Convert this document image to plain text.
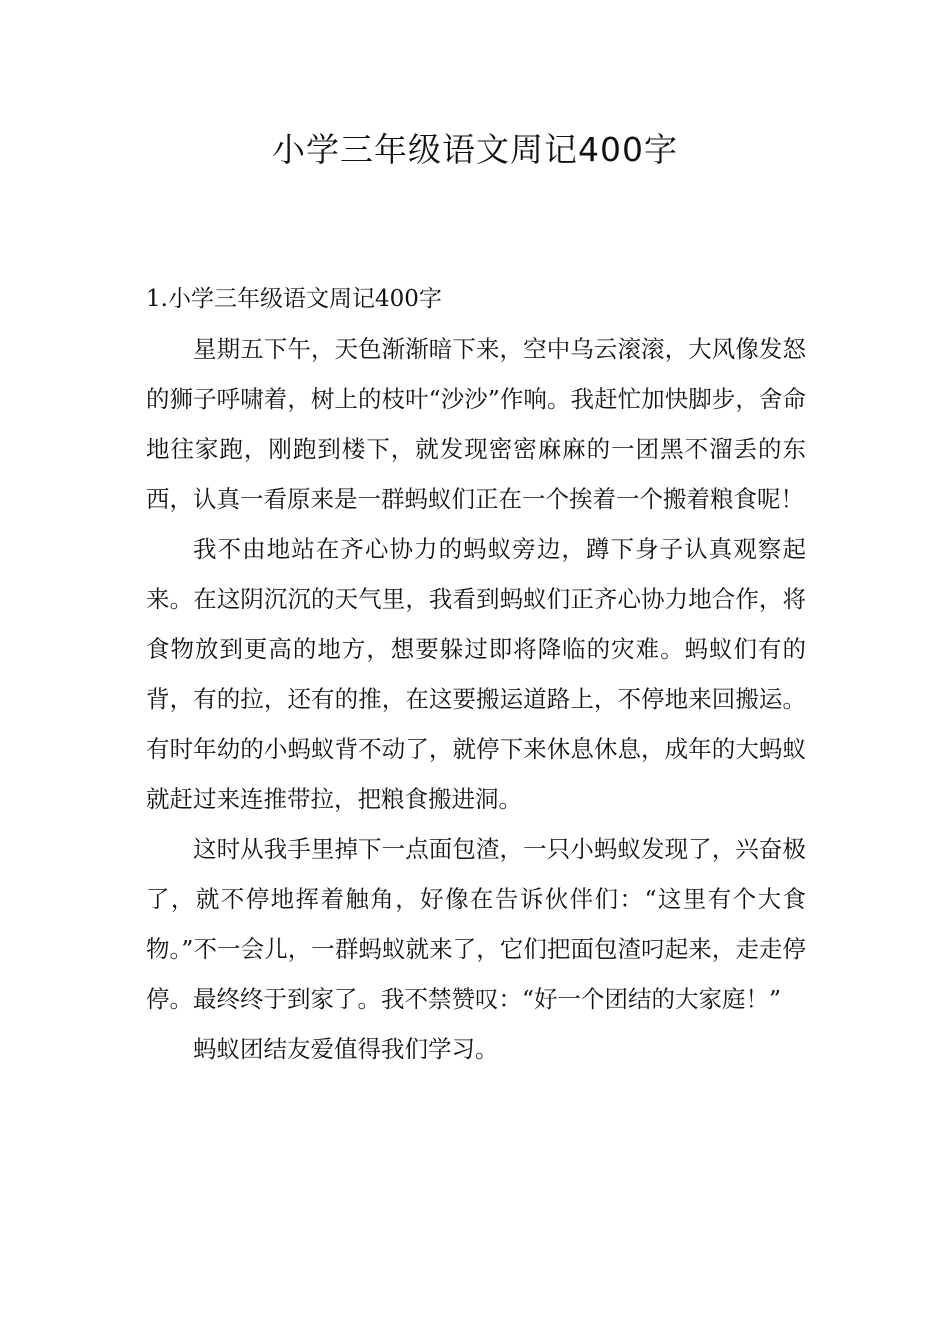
小学三年级语文周记400字

1.小学三年级语文周记400字

星期五下午，天色渐渐暗下来，空中乌云滚滚，大风像发怒的狮子呼啸着，树上的枝叶“沙沙”作响。我赶忙加快脚步，舍命地往家跑，刚跑到楼下，就发现密密麻麻的一团黑不溜丢的东西，认真一看原来是一群蚂蚁们正在一个挨着一个搬着粮食呢！

我不由地站在齐心协力的蚂蚁旁边，蹲下身子认真观察起来。在这阴沉沉的天气里，我看到蚂蚁们正齐心协力地合作，将食物放到更高的地方，想要躲过即将降临的灾难。蚂蚁们有的背，有的拉，还有的推，在这要搬运道路上，不停地来回搬运。有时年幼的小蚂蚁背不动了，就停下来休息休息，成年的大蚂蚁就赶过来连推带拉，把粮食搬进洞。

这时从我手里掉下一点面包渣，一只小蚂蚁发现了，兴奋极了，就不停地挥着触角，好像在告诉伙伴们：“这里有个大食物。”不一会儿，一群蚂蚁就来了，它们把面包渣叼起来，走走停停。最终终于到家了。我不禁赞叹：“好一个团结的大家庭！”

蚂蚁团结友爱值得我们学习。
